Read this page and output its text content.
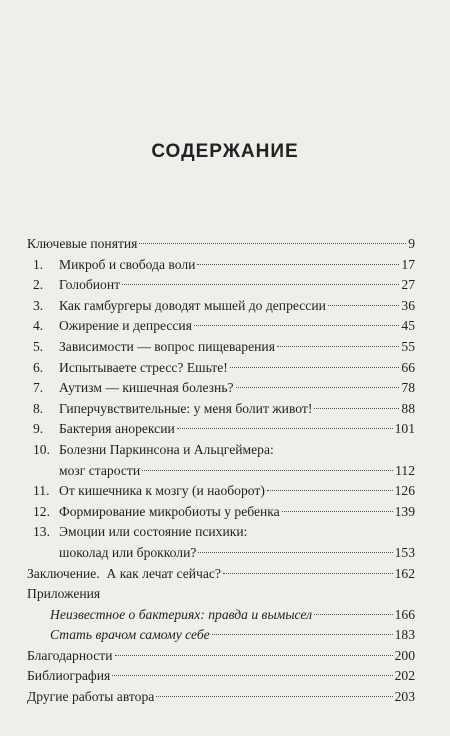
СОДЕРЖАНИЕ
Ключевые понятия	9
1.	Микроб и свобода воли	17
2.	Голобионт	27
3.	Как гамбургеры доводят мышей до депрессии	36
4.	Ожирение и депрессия	45
5.	Зависимости — вопрос пищеварения	55
6.	Испытываете стресс? Ешьте!	66
7.	Аутизм — кишечная болезнь?	78
8.	Гиперчувствительные: у меня болит живот!	88
9.	Бактерия анорексии	101
10. Болезни Паркинсона и Альцгеймера:
мозг старости	112
11. От кишечника к мозгу (и наоборот)	126
12. Формирование микробиоты у ребенка	139
13. Эмоции или состояние психики:
шоколад или брокколи?	153
Заключение.  А как лечат сейчас?	162
Приложения
Неизвестное о бактериях: правда и вымысел	166
Стать врачом самому себе	183
Благодарности	200
Библиография	202
Другие работы автора	203
